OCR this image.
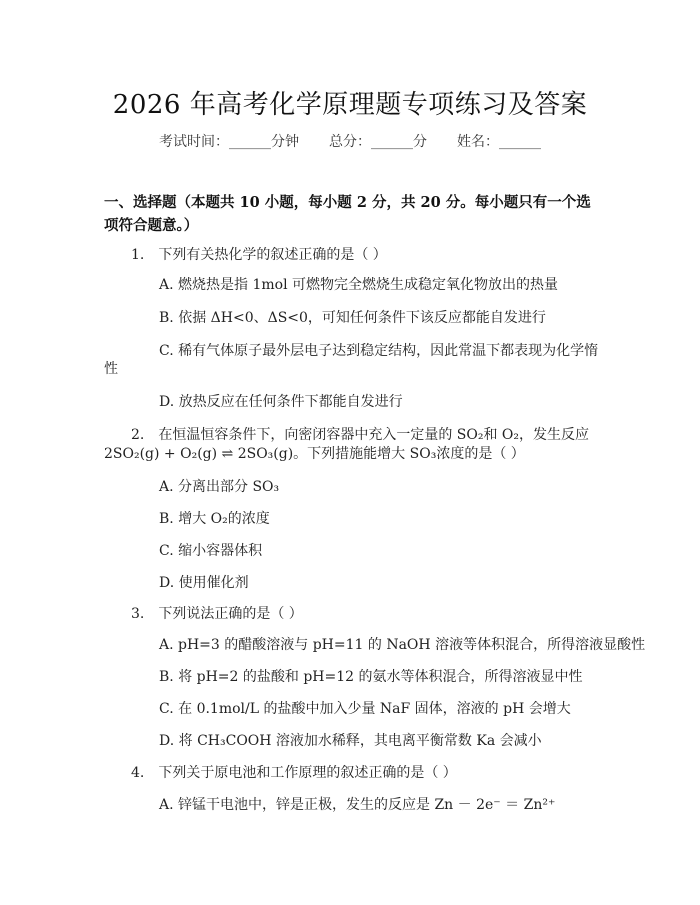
2026 年高考化学原理题专项练习及答案
考试时间：______分钟 总分：______分 姓名：______
一、选择题（本题共 10 小题，每小题 2 分，共 20 分。每小题只有一个选项符合题意。）
1.　下列有关热化学的叙述正确的是（ ）
A. 燃烧热是指 1mol 可燃物完全燃烧生成稳定氧化物放出的热量
B. 依据 ΔH<0、ΔS<0，可知任何条件下该反应都能自发进行
C. 稀有气体原子最外层电子达到稳定结构，因此常温下都表现为化学惰
性
D. 放热反应在任何条件下都能自发进行
2.　在恒温恒容条件下，向密闭容器中充入一定量的 SO₂和 O₂，发生反应
2SO₂(g) + O₂(g) ⇌ 2SO₃(g)。下列措施能增大 SO₃浓度的是（ ）
A. 分离出部分 SO₃
B. 增大 O₂的浓度
C. 缩小容器体积
D. 使用催化剂
3.　下列说法正确的是（ ）
A. pH=3 的醋酸溶液与 pH=11 的 NaOH 溶液等体积混合，所得溶液显酸性
B. 将 pH=2 的盐酸和 pH=12 的氨水等体积混合，所得溶液显中性
C. 在 0.1mol/L 的盐酸中加入少量 NaF 固体，溶液的 pH 会增大
D. 将 CH₃COOH 溶液加水稀释，其电离平衡常数 Ka 会减小
4.　下列关于原电池和工作原理的叙述正确的是（ ）
A. 锌锰干电池中，锌是正极，发生的反应是 Zn － 2e⁻ ＝ Zn²⁺
